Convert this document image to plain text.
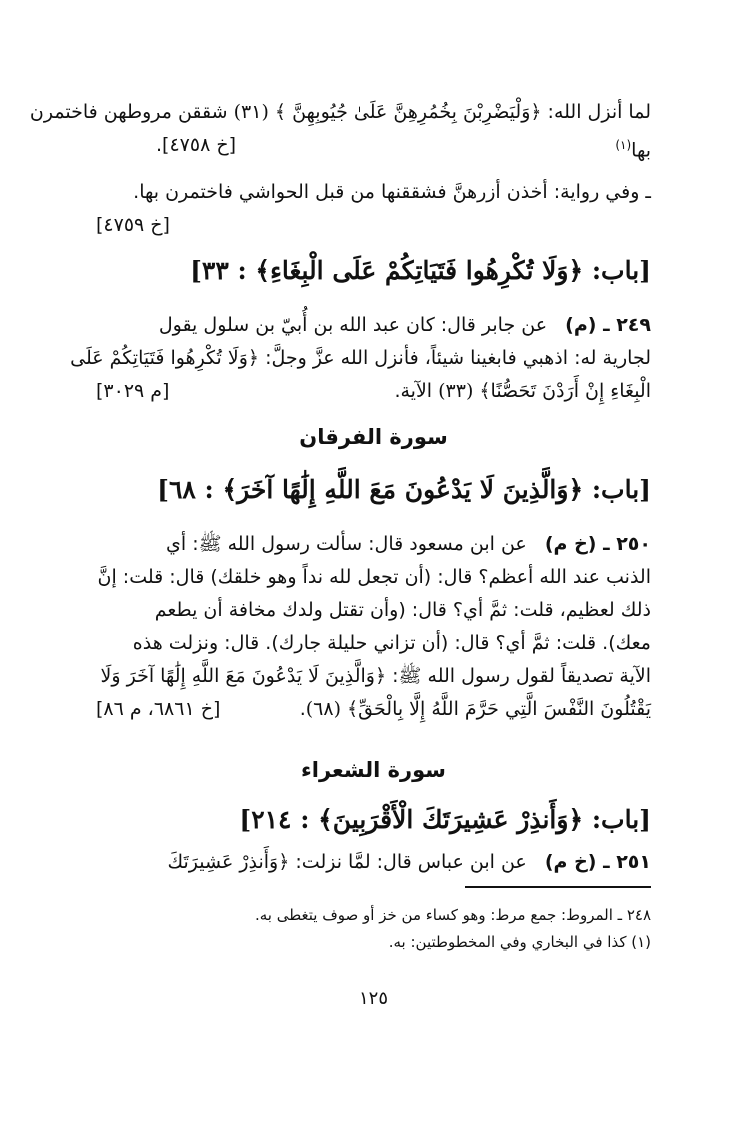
لما أنزل الله: ﴿وَلْيَضْرِبْنَ بِخُمُرِهِنَّ عَلَىٰ جُيُوبِهِنَّ ﴾ (٣١) شققن مروطهن فاختمرن
بها$^{(١)}$
[خ ٤٧٥٨].
ـ وفي رواية: أخذن أزرهنَّ فشققنها من قبل الحواشي فاختمرن بها.
[خ ٤٧٥٩]
[باب: ﴿وَلَا تُكْرِهُوا فَتَيَاتِكُمْ عَلَى الْبِغَاءِ﴾ : ٣٣]
٢٤٩ ـ (م)   عن جابر قال: كان عبد الله بن أُبيّ بن سلول يقول
لجارية له: اذهبي فابغينا شيئاً، فأنزل الله عزَّ وجلَّ: ﴿وَلَا تُكْرِهُوا فَتَيَاتِكُمْ عَلَى
الْبِغَاءِ إِنْ أَرَدْنَ تَحَصُّنًا﴾ (٣٣) الآية.
[م ٣٠٢٩]
سورة الفرقان
[باب: ﴿وَالَّذِينَ لَا يَدْعُونَ مَعَ اللَّهِ إِلَٰهًا آخَرَ﴾ : ٦٨]
٢٥٠ ـ (خ م)   عن ابن مسعود قال: سألت رسول الله ﷺ: أي
الذنب عند الله أعظم؟ قال: (أن تجعل لله نداً وهو خلقك) قال: قلت: إنَّ
ذلك لعظيم، قلت: ثمَّ أي؟ قال: (وأن تقتل ولدك مخافة أن يطعم
معك). قلت: ثمَّ أي؟ قال: (أن تزاني حليلة جارك). قال: ونزلت هذه
الآية تصديقاً لقول رسول الله ﷺ: ﴿وَالَّذِينَ لَا يَدْعُونَ مَعَ اللَّهِ إِلَٰهًا آخَرَ وَلَا
يَقْتُلُونَ النَّفْسَ الَّتِي حَرَّمَ اللَّهُ إِلَّا بِالْحَقِّ﴾ (٦٨).
[خ ٦٨٦١، م ٨٦]
سورة الشعراء
[باب: ﴿وَأَنذِرْ عَشِيرَتَكَ الْأَقْرَبِينَ﴾ : ٢١٤]
٢٥١ ـ (خ م)   عن ابن عباس قال: لمَّا نزلت: ﴿وَأَنذِرْ عَشِيرَتَكَ
٢٤٨ ـ المروط: جمع مرط: وهو كساء من خز أو صوف يتغطى به.
(١) كذا في البخاري وفي المخطوطتين: به.
١٢٥
